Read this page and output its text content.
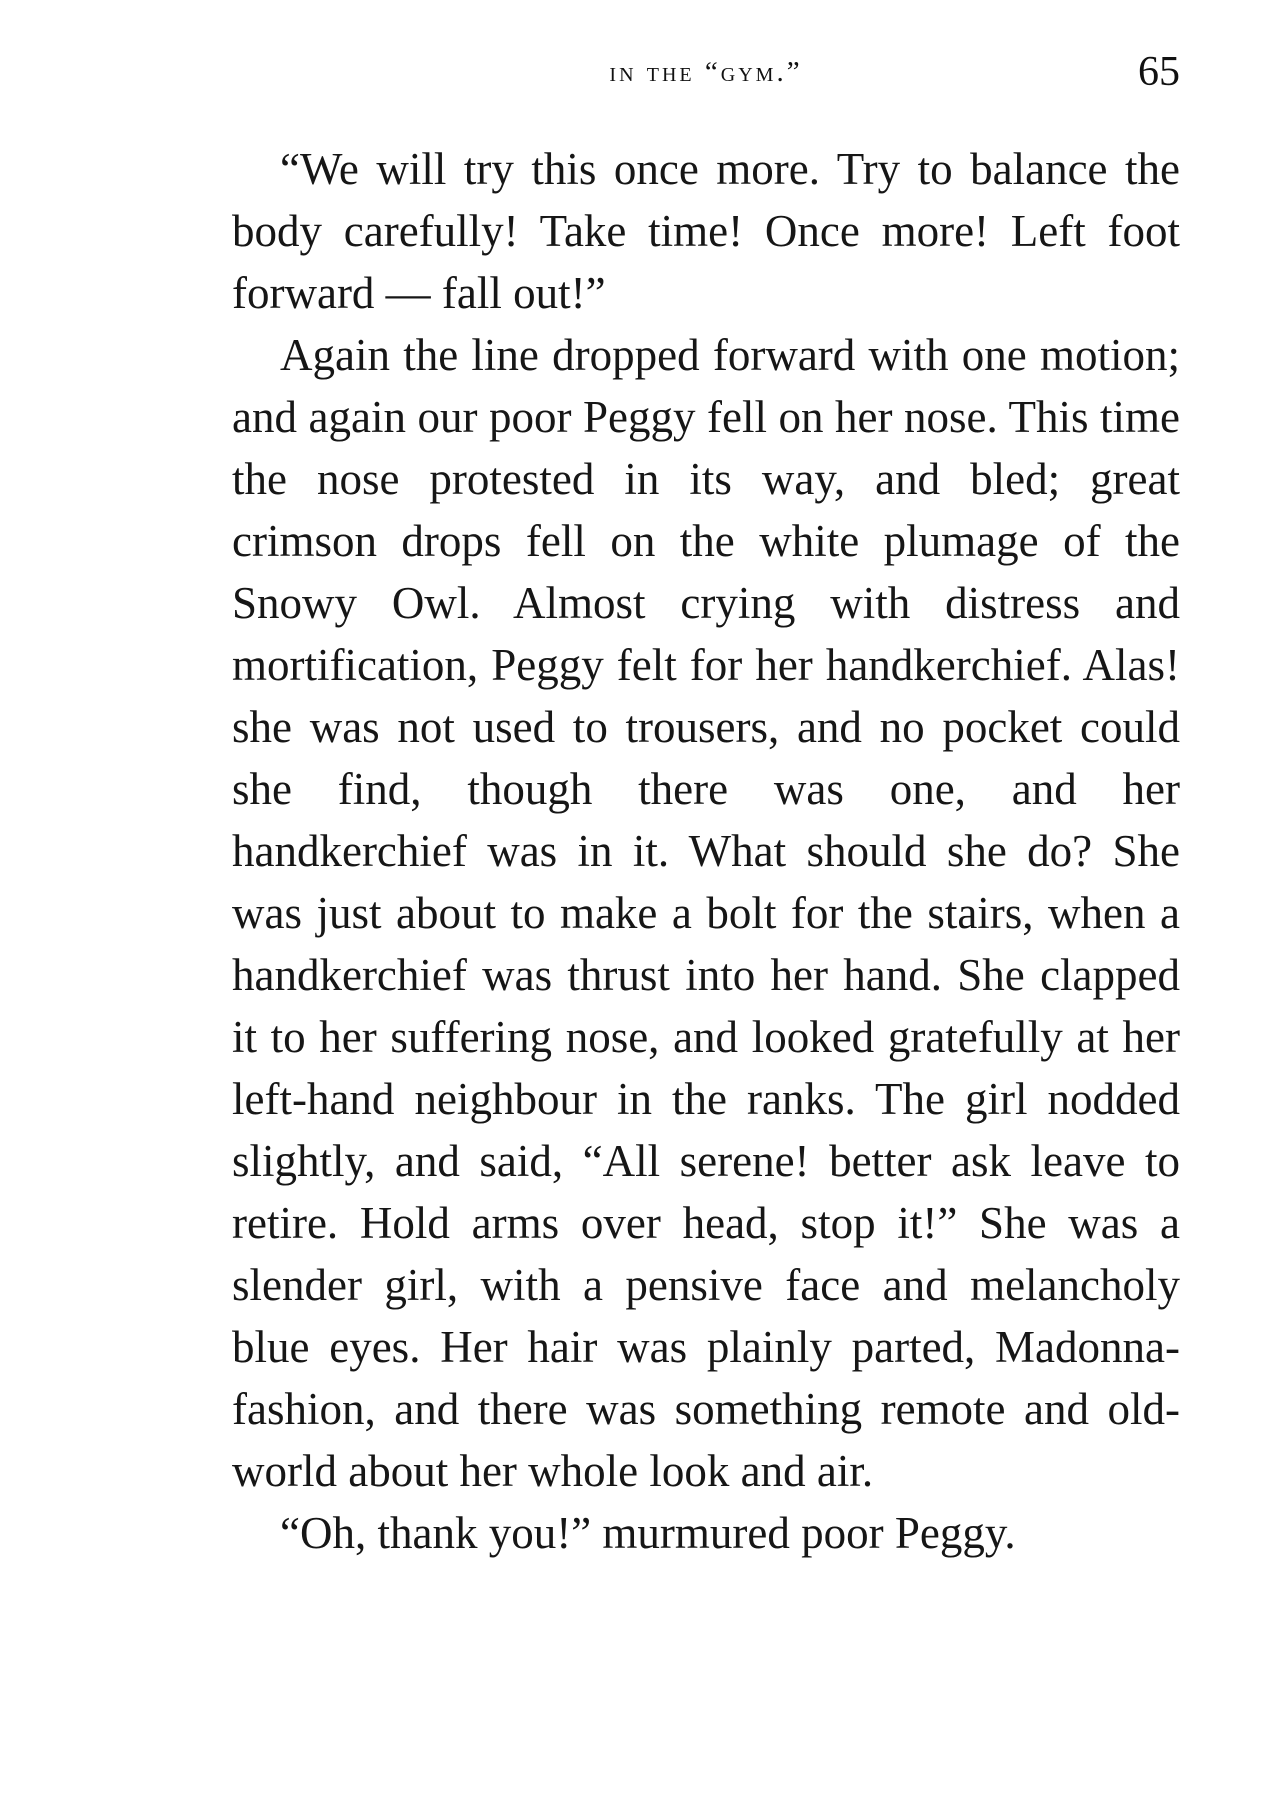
in the “gym.”	65

“We will try this once more. Try to balance the body carefully! Take time! Once more! Left foot forward — fall out!”

Again the line dropped forward with one motion; and again our poor Peggy fell on her nose. This time the nose protested in its way, and bled; great crimson drops fell on the white plumage of the Snowy Owl. Almost crying with distress and mortification, Peggy felt for her handkerchief. Alas! she was not used to trousers, and no pocket could she find, though there was one, and her handkerchief was in it. What should she do? She was just about to make a bolt for the stairs, when a handkerchief was thrust into her hand. She clapped it to her suffering nose, and looked gratefully at her left-hand neighbour in the ranks. The girl nodded slightly, and said, “All serene! better ask leave to retire. Hold arms over head, stop it!” She was a slender girl, with a pensive face and melancholy blue eyes. Her hair was plainly parted, Madonna-fashion, and there was something remote and old-world about her whole look and air.

“Oh, thank you!” murmured poor Peggy.
